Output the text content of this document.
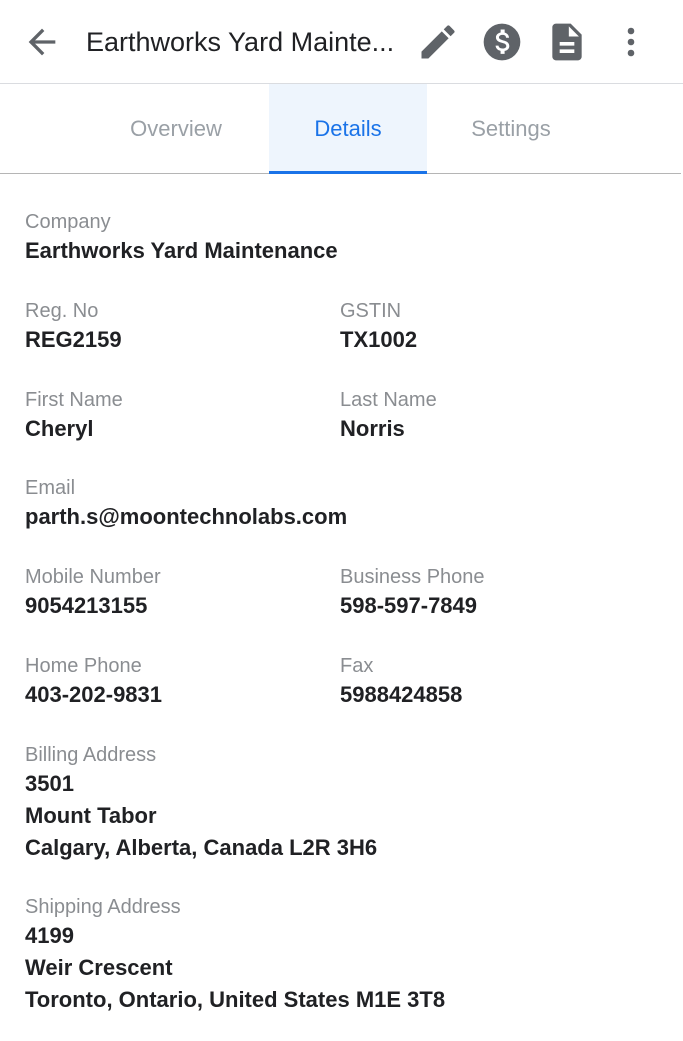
Earthworks Yard Mainte...
Overview	Details	Settings
Company
Earthworks Yard Maintenance
Reg. No
REG2159
GSTIN
TX1002
First Name
Cheryl
Last Name
Norris
Email
parth.s@moontechnolabs.com
Mobile Number
9054213155
Business Phone
598-597-7849
Home Phone
403-202-9831
Fax
5988424858
Billing Address
3501
Mount Tabor
Calgary, Alberta, Canada L2R 3H6
Shipping Address
4199
Weir Crescent
Toronto, Ontario, United States M1E 3T8
